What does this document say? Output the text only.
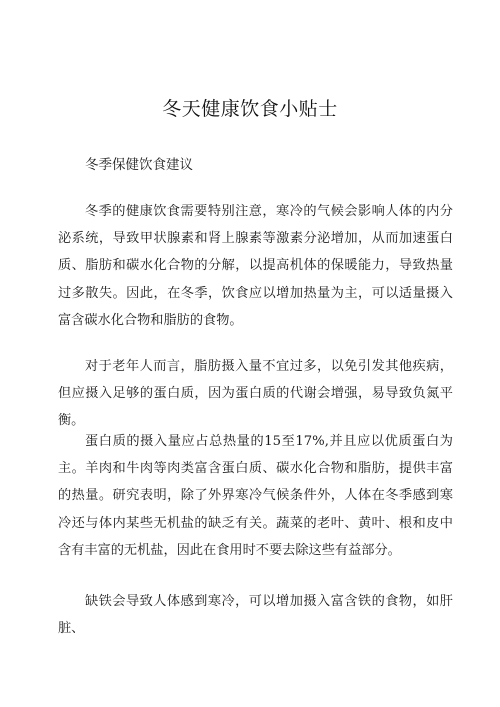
冬天健康饮食小贴士

冬季保健饮食建议

冬季的健康饮食需要特别注意，寒冷的气候会影响人体的内分泌系统，导致甲状腺素和肾上腺素等激素分泌增加，从而加速蛋白质、脂肪和碳水化合物的分解，以提高机体的保暖能力，导致热量过多散失。因此，在冬季，饮食应以增加热量为主，可以适量摄入富含碳水化合物和脂肪的食物。

对于老年人而言，脂肪摄入量不宜过多，以免引发其他疾病，但应摄入足够的蛋白质，因为蛋白质的代谢会增强，易导致负氮平衡。

蛋白质的摄入量应占总热量的15至17%,并且应以优质蛋白为主。羊肉和牛肉等肉类富含蛋白质、碳水化合物和脂肪，提供丰富的热量。研究表明，除了外界寒冷气候条件外，人体在冬季感到寒冷还与体内某些无机盐的缺乏有关。蔬菜的老叶、黄叶、根和皮中含有丰富的无机盐，因此在食用时不要去除这些有益部分。

缺铁会导致人体感到寒冷，可以增加摄入富含铁的食物，如肝脏、
